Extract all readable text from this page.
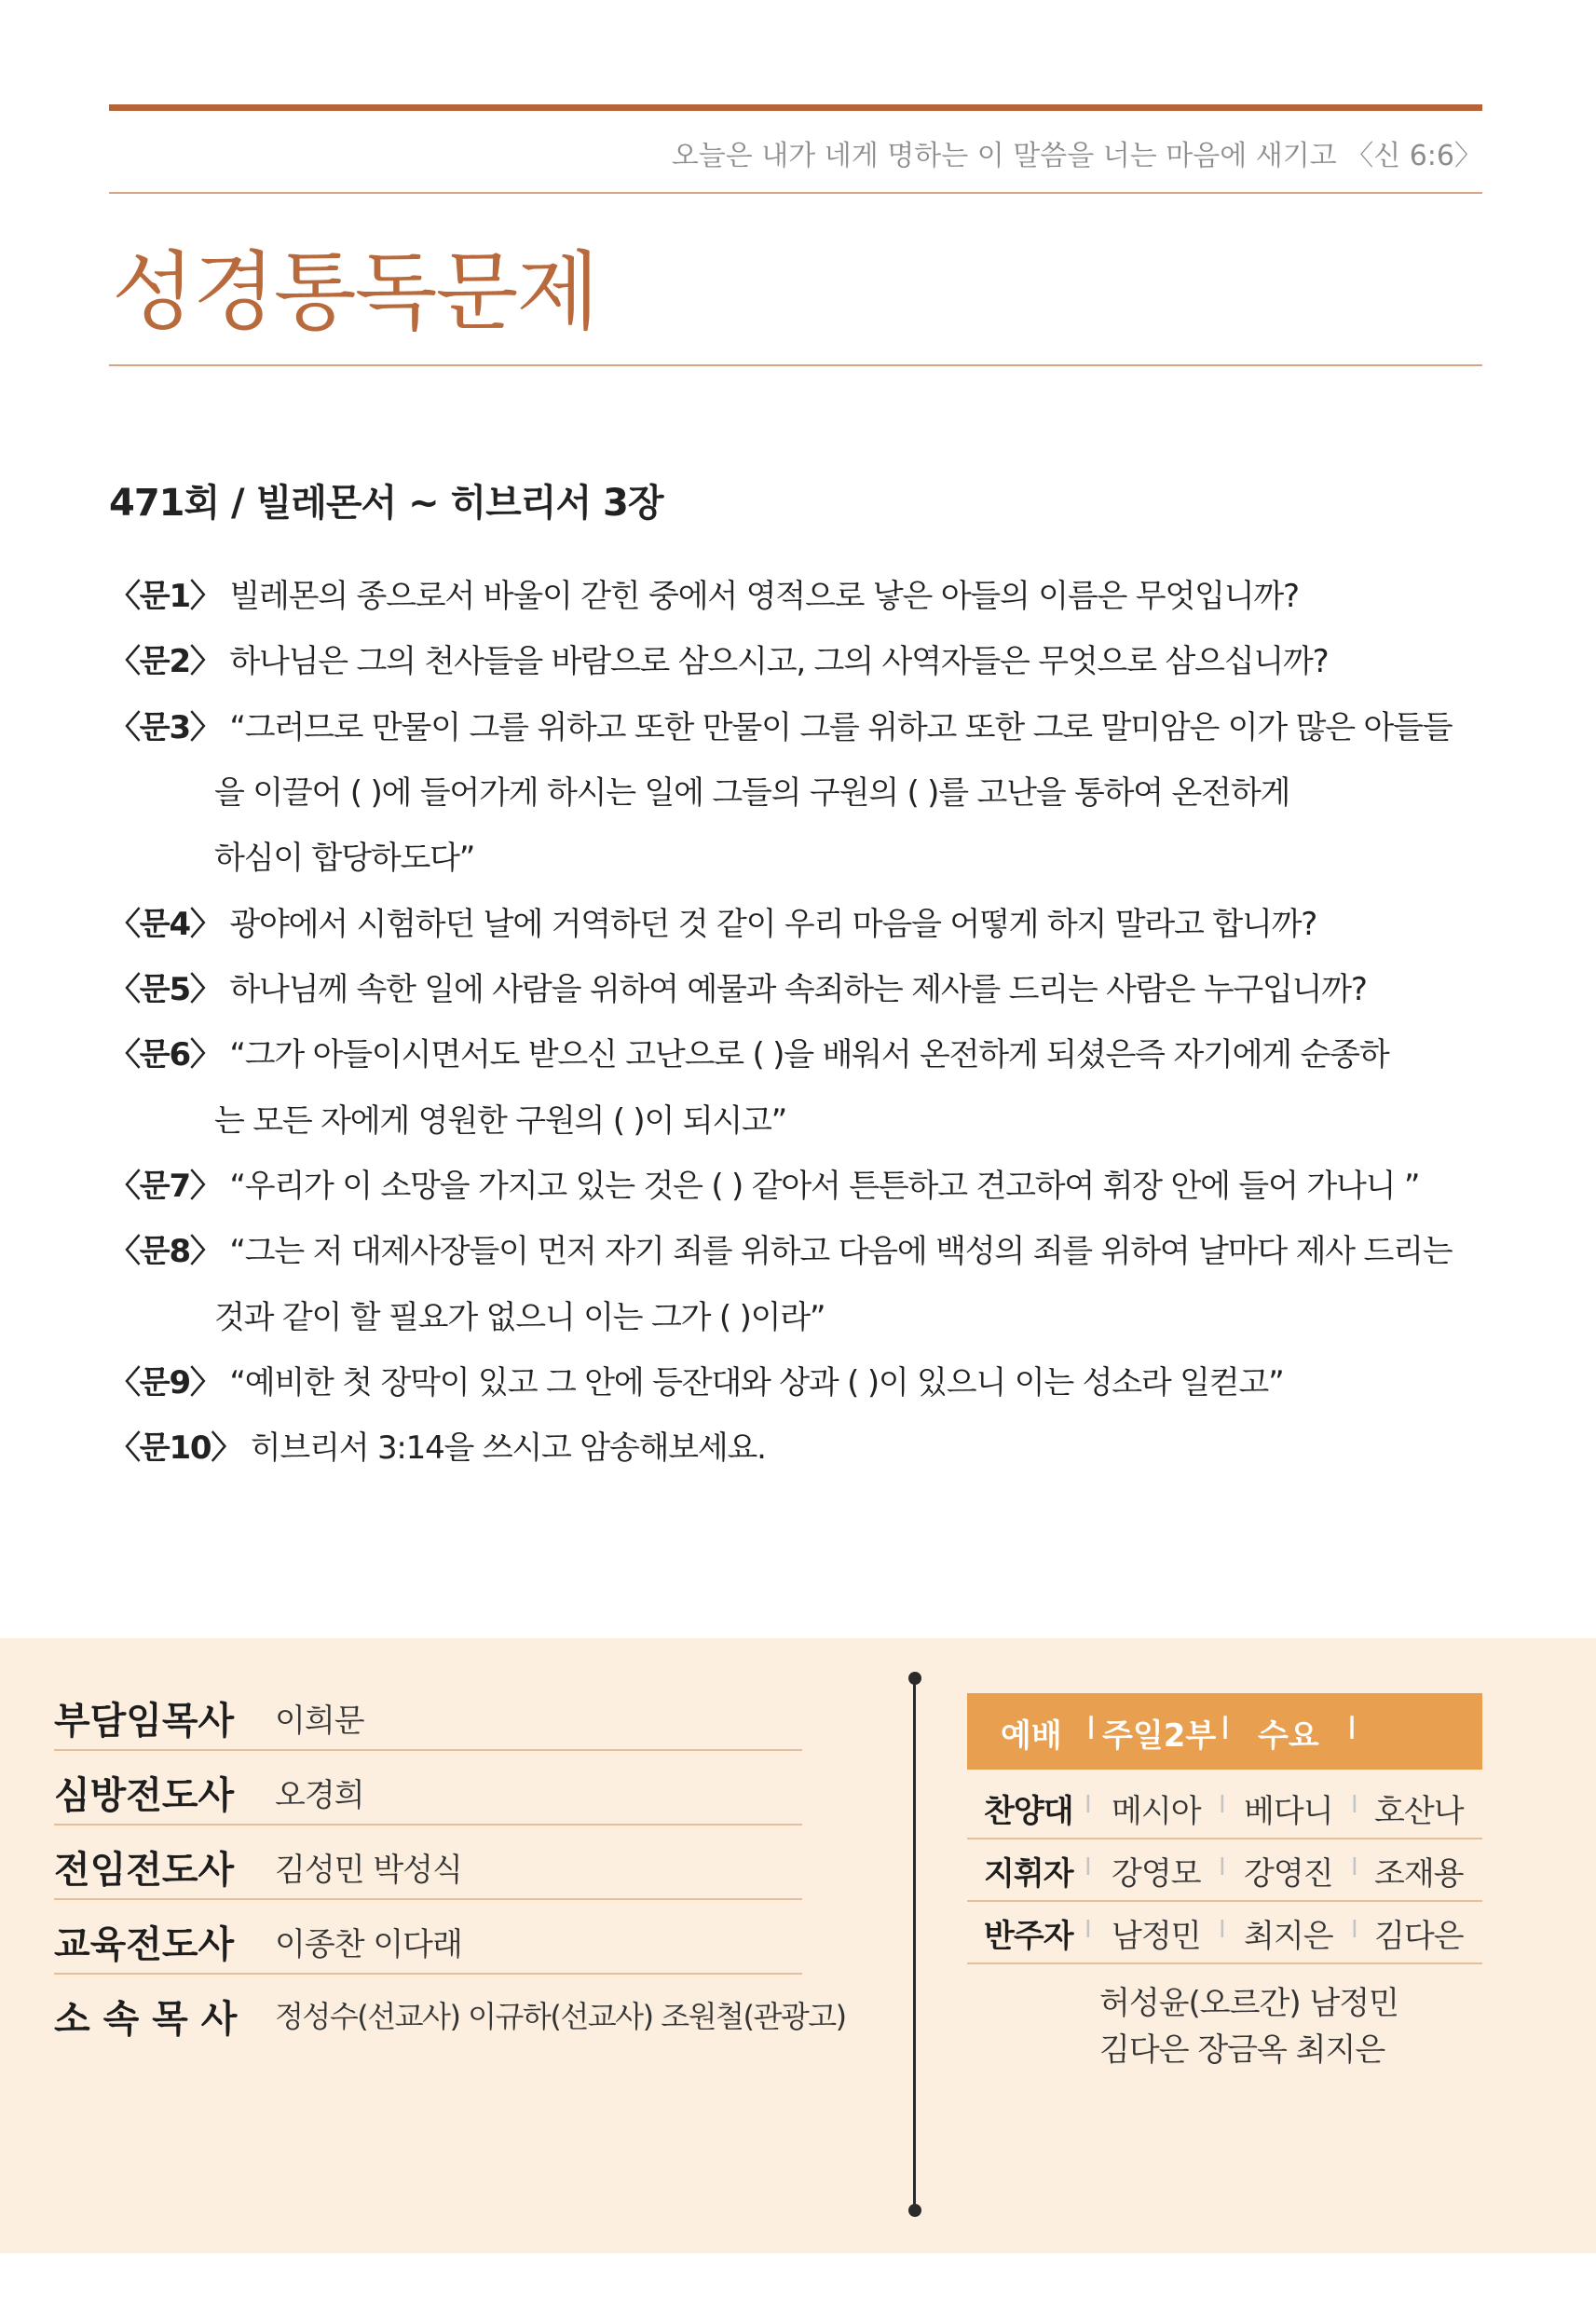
오늘은 내가 네게 명하는 이 말씀을 너는 마음에 새기고 〈신 6:6〉
성경통독문제
471회 / 빌레몬서 ~ 히브리서 3장
〈문1〉 빌레몬의 종으로서 바울이 갇힌 중에서 영적으로 낳은 아들의 이름은 무엇입니까?
〈문2〉 하나님은 그의 천사들을 바람으로 삼으시고, 그의 사역자들은 무엇으로 삼으십니까?
〈문3〉 “그러므로 만물이 그를 위하고 또한 만물이 그를 위하고 또한 그로 말미암은 이가 많은 아들들
을 이끌어 ( )에 들어가게 하시는 일에 그들의 구원의 ( )를 고난을 통하여 온전하게
하심이 합당하도다”
〈문4〉 광야에서 시험하던 날에 거역하던 것 같이 우리 마음을 어떻게 하지 말라고 합니까?
〈문5〉 하나님께 속한 일에 사람을 위하여 예물과 속죄하는 제사를 드리는 사람은 누구입니까?
〈문6〉 “그가 아들이시면서도 받으신 고난으로 ( )을 배워서 온전하게 되셨은즉 자기에게 순종하
는 모든 자에게 영원한 구원의 ( )이 되시고”
〈문7〉 “우리가 이 소망을 가지고 있는 것은 ( ) 같아서 튼튼하고 견고하여 휘장 안에 들어 가나니 ”
〈문8〉 “그는 저 대제사장들이 먼저 자기 죄를 위하고 다음에 백성의 죄를 위하여 날마다 제사 드리는
것과 같이 할 필요가 없으니 이는 그가 ( )이라”
〈문9〉 “예비한 첫 장막이 있고 그 안에 등잔대와 상과 ( )이 있으니 이는 성소라 일컫고”
〈문10〉 히브리서 3:14을 쓰시고 암송해보세요.
부담임목사 이희문
심방전도사 오경희
전임전도사 김성민 박성식
교육전도사 이종찬 이다래
소 속 목 사 정성수(선교사) 이규하(선교사) 조원철(관광고)
예배 I 주일2부 I 수요 I
찬양대 I 메시아 I 베다니 I 호산나
지휘자 I 강영모 I 강영진 I 조재용
반주자 I 남정민 I 최지은 I 김다은
허성윤(오르간) 남정민
김다은 장금옥 최지은
